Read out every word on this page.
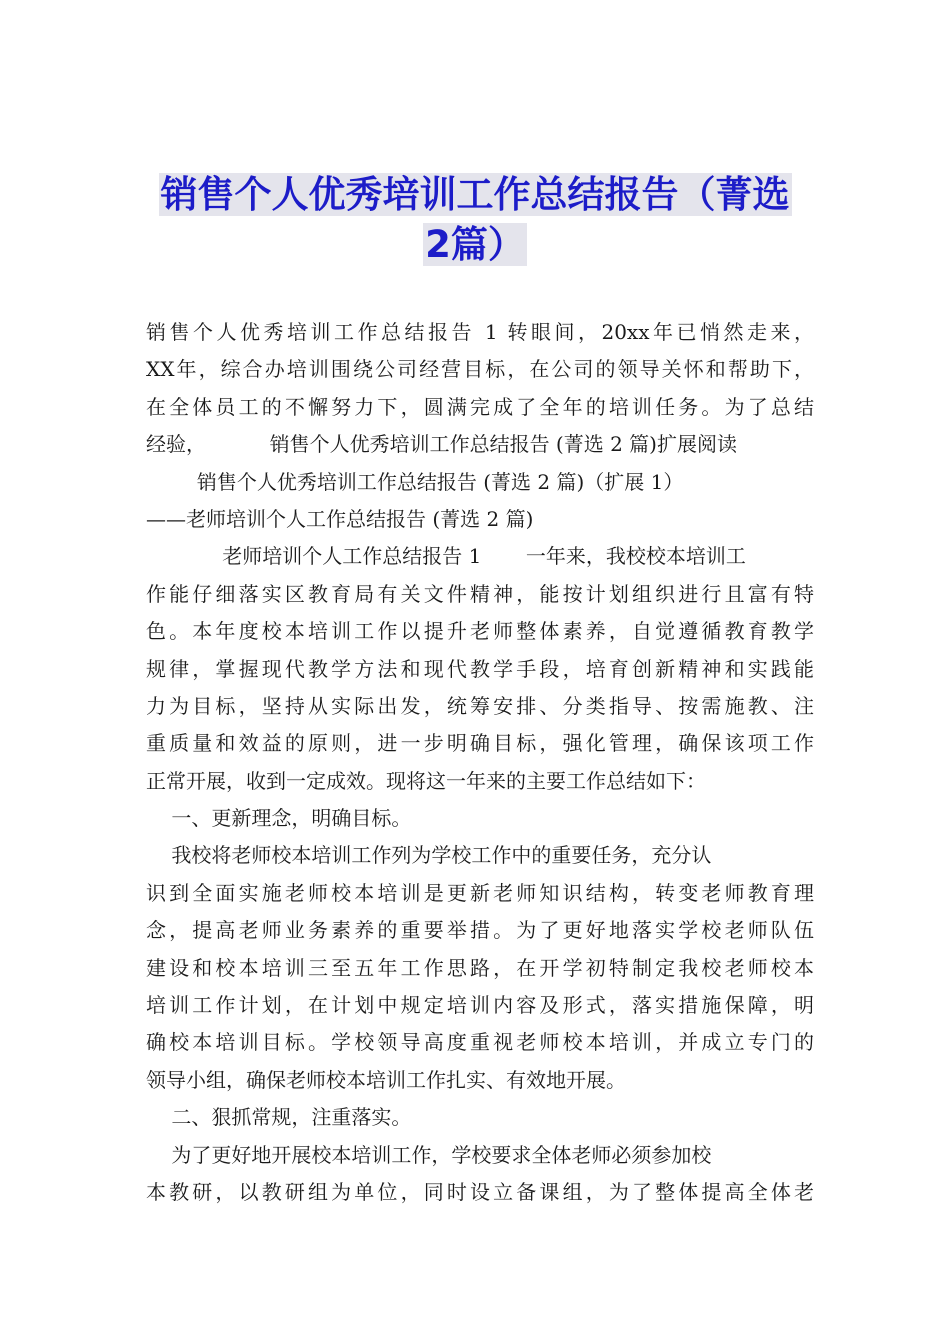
销售个人优秀培训工作总结报告（菁选
2篇）
销售个人优秀培训工作总结报告 1 转眼间，20xx年已悄然走来，
XX年，综合办培训围绕公司经营目标，在公司的领导关怀和帮助下，
在全体员工的不懈努力下，圆满完成了全年的培训任务。为了总结
经验，          销售个人优秀培训工作总结报告 (菁选 2 篇)扩展阅读
销售个人优秀培训工作总结报告 (菁选 2 篇)（扩展 1）
——老师培训个人工作总结报告 (菁选 2 篇)
老师培训个人工作总结报告 1       一年来，我校校本培训工
作能仔细落实区教育局有关文件精神，能按计划组织进行且富有特
色。本年度校本培训工作以提升老师整体素养，自觉遵循教育教学
规律，掌握现代教学方法和现代教学手段，培育创新精神和实践能
力为目标，坚持从实际出发，统筹安排、分类指导、按需施教、注
重质量和效益的原则，进一步明确目标，强化管理，确保该项工作
正常开展，收到一定成效。现将这一年来的主要工作总结如下：
一、更新理念，明确目标。
我校将老师校本培训工作列为学校工作中的重要任务，充分认
识到全面实施老师校本培训是更新老师知识结构，转变老师教育理
念，提高老师业务素养的重要举措。为了更好地落实学校老师队伍
建设和校本培训三至五年工作思路，在开学初特制定我校老师校本
培训工作计划，在计划中规定培训内容及形式，落实措施保障，明
确校本培训目标。学校领导高度重视老师校本培训，并成立专门的
领导小组，确保老师校本培训工作扎实、有效地开展。
二、狠抓常规，注重落实。
为了更好地开展校本培训工作，学校要求全体老师必须参加校
本教研，以教研组为单位，同时设立备课组，为了整体提高全体老
